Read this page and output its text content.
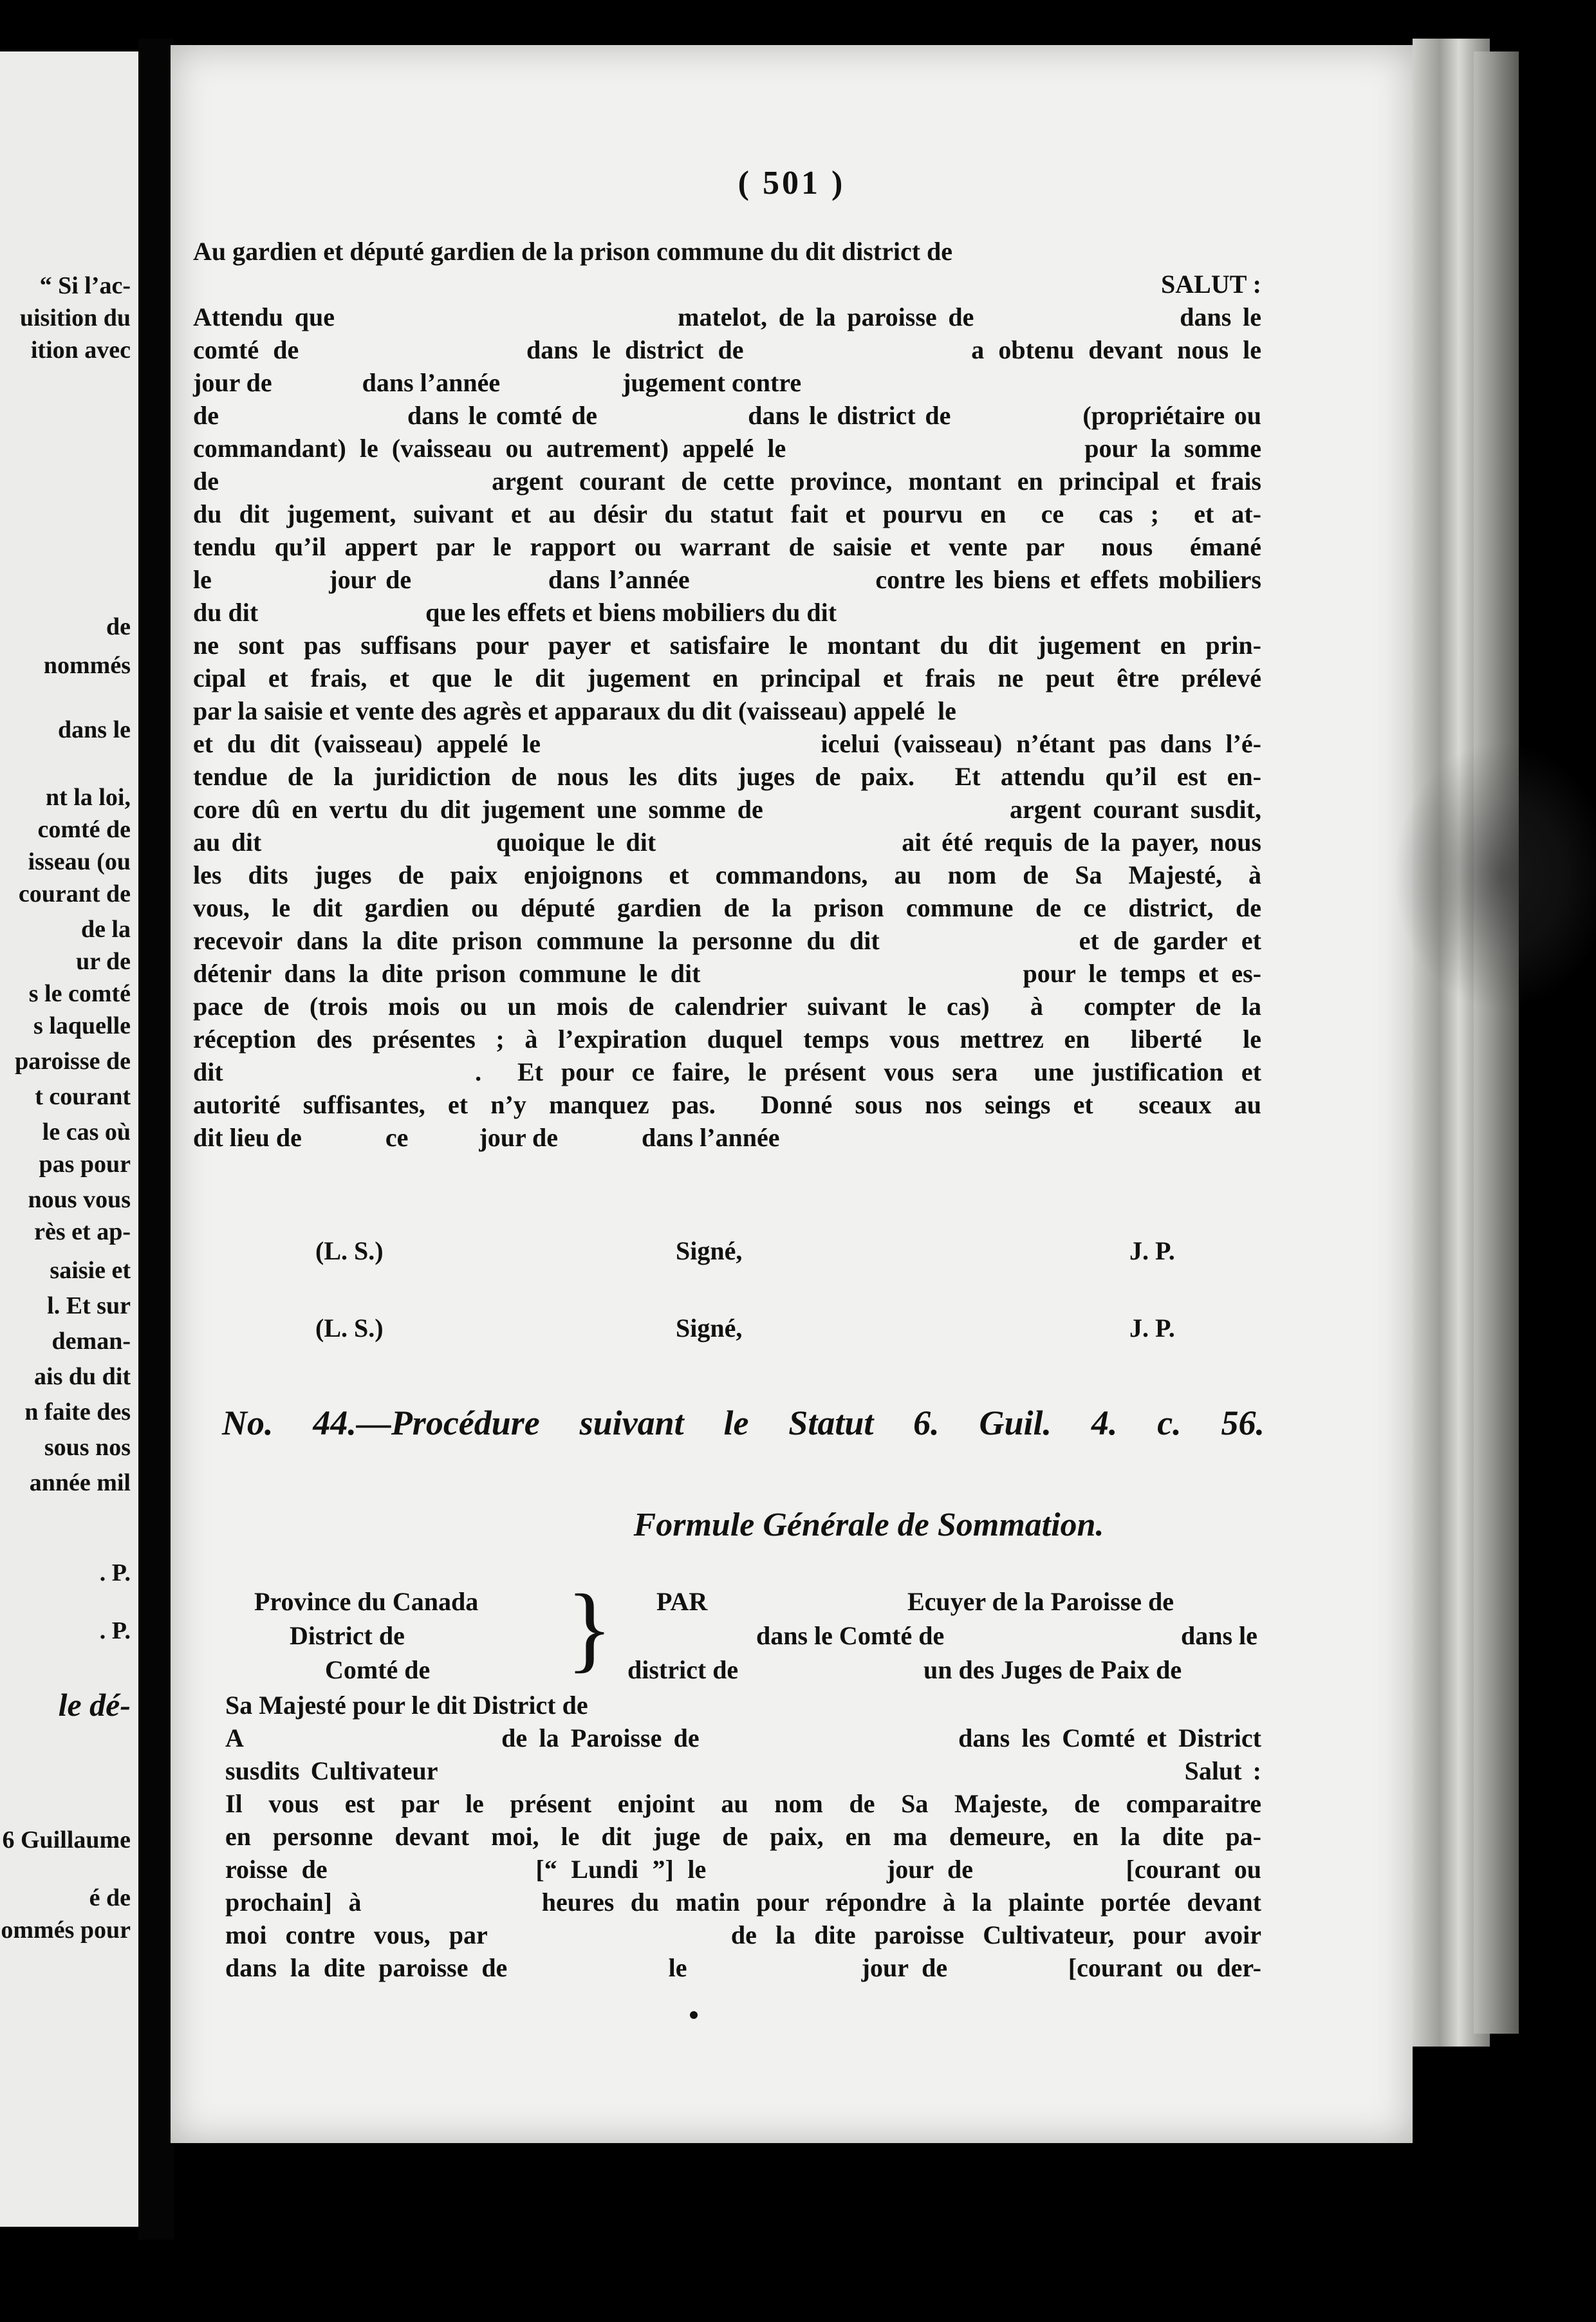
“ Si l’ac-
uisition du
ition avec
de
nommés
dans le
nt la loi,
comté de
isseau (ou
courant de
de la
ur de
s le comté
s laquelle
paroisse de
t courant
le cas où
pas pour
nous vous
rès et ap-
saisie et
l. Et sur
deman-
ais du dit
n faite des
sous nos
année mil
. P.
. P.
le dé-
6 Guillaume
é de
ommés pour
( 501 )
Au gardien et député gardien de la prison commune du dit district de
SALUT :
Attendu que                              matelot, de la paroisse de                  dans le
comté de                dans le district de                a obtenu devant nous le
jour de              dans l’année                   jugement contre
de                    dans le comté de                dans le district de              (propriétaire ou
commandant) le (vaisseau ou autrement) appelé le                      pour la somme
de                 argent courant de cette province, montant en principal et frais
du dit jugement, suivant et au désir du statut fait et pourvu en  ce  cas ;  et at-
tendu qu’il appert par le rapport ou warrant de saisie et vente par  nous  émané
le            jour de              dans l’année                   contre les biens et effets mobiliers
du dit                          que les effets et biens mobiliers du dit
ne sont pas suffisans pour payer et satisfaire le montant du dit jugement en prin-
cipal et frais, et que le dit jugement en principal et frais ne peut être prélevé
par la saisie et vente des agrès et apparaux du dit (vaisseau) appelé  le
et du dit (vaisseau) appelé le                    icelui (vaisseau) n’étant pas dans l’é-
tendue de la juridiction de nous les dits juges de paix.  Et attendu qu’il est en-
core dû en vertu du dit jugement une somme de                     argent courant susdit,
au dit                     quoique le dit                      ait été requis de la payer, nous
les dits juges de paix enjoignons et commandons, au nom de Sa Majesté, à
vous, le dit gardien ou député gardien de la prison commune de ce district, de
recevoir dans la dite prison commune la personne du dit              et de garder et
détenir dans la dite prison commune le dit                         pour le temps et es-
pace de (trois mois ou un mois de calendrier suivant le cas)  à  compter de la
réception des présentes ; à l’expiration duquel temps vous mettrez en  liberté  le
dit              .  Et pour ce faire, le présent vous sera  une justification et
autorité suffisantes, et n’y manquez pas.  Donné sous nos seings et  sceaux au
dit lieu de             ce           jour de             dans l’année
(L. S.)	Signé,	J. P.
(L. S.)	Signé,	J. P.
No. 44.—Procédure suivant le Statut 6. Guil. 4. c. 56.
Formule Générale de Sommation.
Province du Canada
District de
Comté de } PAR
dans le Comté de
district de
Ecuyer de la Paroisse de
dans le
un des Juges de Paix de
Sa Majesté pour le dit District de
A                      de la Paroisse de                      dans les Comté et District
susdits Cultivateur                                                                    Salut :
Il vous est par le présent enjoint au nom de Sa Majeste, de comparaitre
en personne devant moi, le dit juge de paix, en ma demeure, en la dite pa-
roisse de               [“ Lundi ”] le             jour de           [courant ou
prochain] à           heures du matin pour répondre à la plainte portée devant
moi contre vous, par             de la dite paroisse Cultivateur, pour avoir
dans la dite paroisse de            le             jour de         [courant ou der-
